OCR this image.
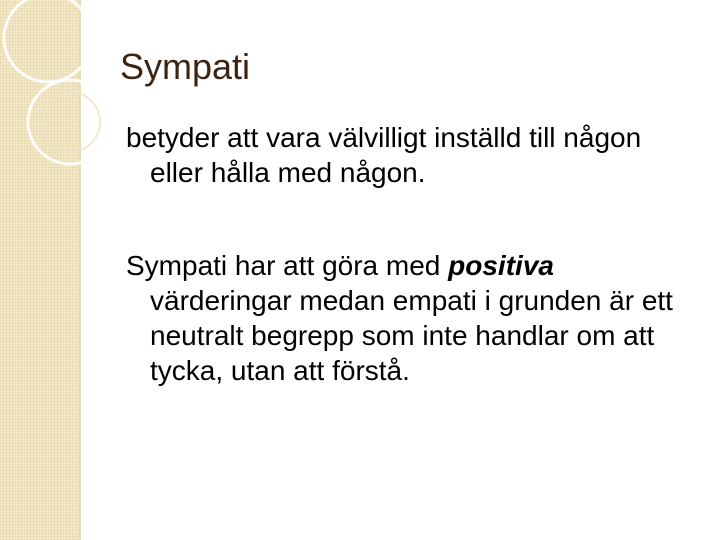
Sympati

betyder att vara välvilligt inställd till någon eller hålla med någon.

Sympati har att göra med positiva värderingar medan empati i grunden är ett neutralt begrepp som inte handlar om att tycka, utan att förstå.
